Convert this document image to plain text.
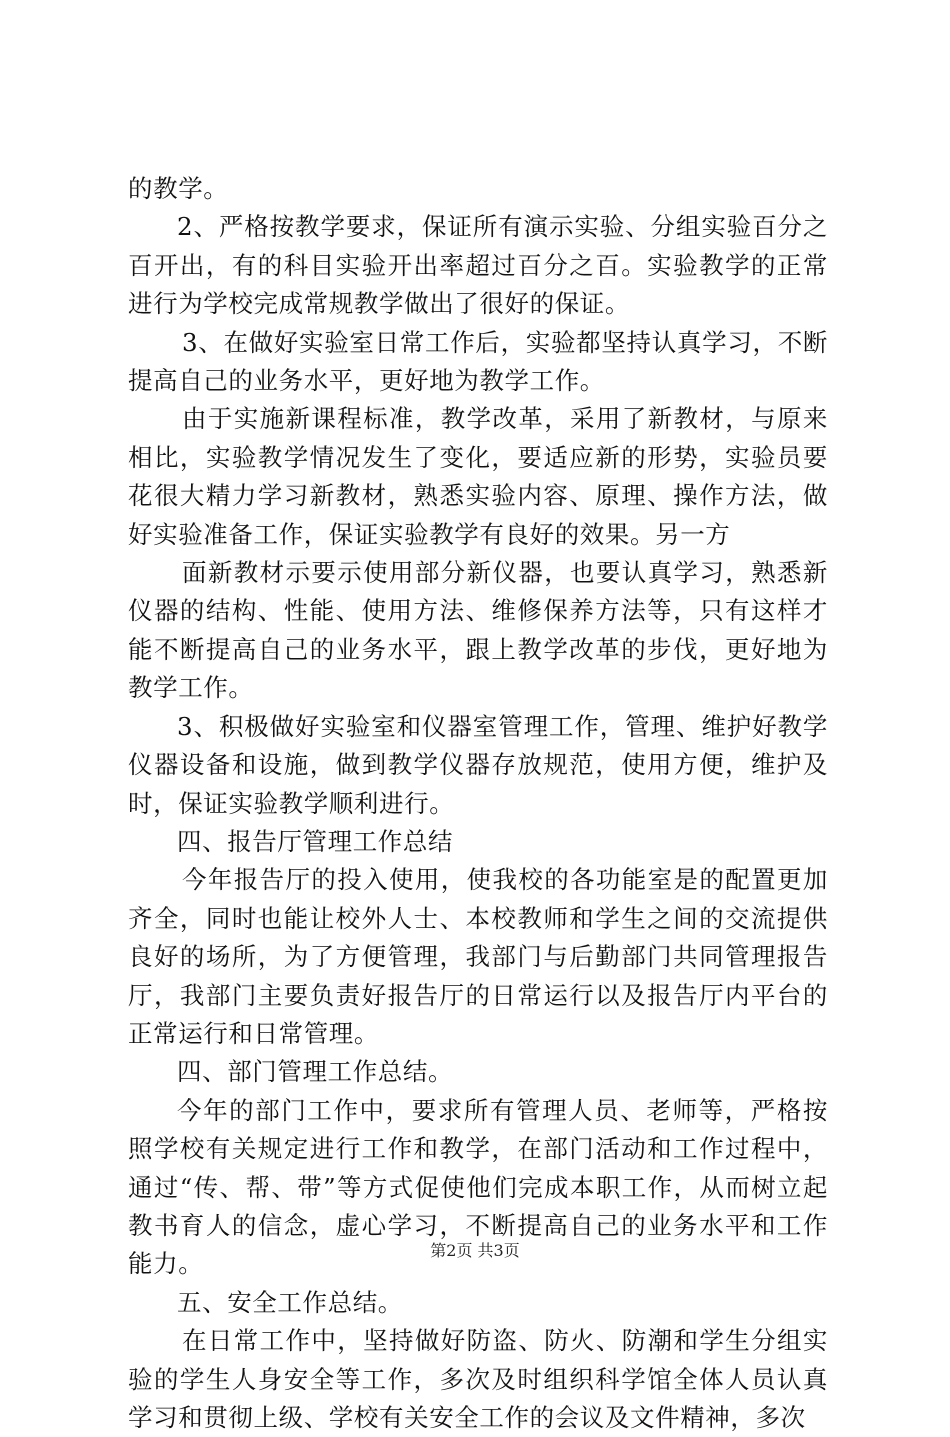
的教学。

2、严格按教学要求，保证所有演示实验、分组实验百分之百开出，有的科目实验开出率超过百分之百。实验教学的正常进行为学校完成常规教学做出了很好的保证。

3、在做好实验室日常工作后，实验都坚持认真学习，不断提高自己的业务水平，更好地为教学工作。

由于实施新课程标准，教学改革，采用了新教材，与原来相比，实验教学情况发生了变化，要适应新的形势，实验员要花很大精力学习新教材，熟悉实验内容、原理、操作方法，做好实验准备工作，保证实验教学有良好的效果。另一方

面新教材示要示使用部分新仪器，也要认真学习，熟悉新仪器的结构、性能、使用方法、维修保养方法等，只有这样才能不断提高自己的业务水平，跟上教学改革的步伐，更好地为教学工作。

3、积极做好实验室和仪器室管理工作，管理、维护好教学仪器设备和设施，做到教学仪器存放规范，使用方便，维护及时，保证实验教学顺利进行。

四、报告厅管理工作总结

今年报告厅的投入使用，使我校的各功能室是的配置更加齐全，同时也能让校外人士、本校教师和学生之间的交流提供良好的场所，为了方便管理，我部门与后勤部门共同管理报告厅，我部门主要负责好报告厅的日常运行以及报告厅内平台的正常运行和日常管理。

四、部门管理工作总结。

今年的部门工作中，要求所有管理人员、老师等，严格按照学校有关规定进行工作和教学，在部门活动和工作过程中，通过“传、帮、带”等方式促使他们完成本职工作，从而树立起教书育人的信念，虚心学习，不断提高自己的业务水平和工作能力。

五、安全工作总结。

在日常工作中，坚持做好防盗、防火、防潮和学生分组实验的学生人身安全等工作，多次及时组织科学馆全体人员认真学习和贯彻上级、学校有关安全工作的会议及文件精神，多次

第2页 共3页
